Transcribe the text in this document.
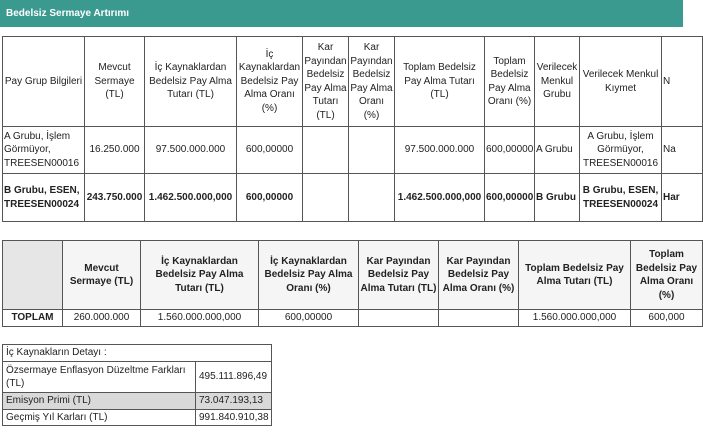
Bedelsiz Sermaye Artırımı
Pay Grup Bilgileri	Mevcut Sermaye (TL)	İç Kaynaklardan Bedelsiz Pay Alma Tutarı (TL)	İç Kaynaklardan Bedelsiz Pay Alma Oranı (%)	Kar Payından Bedelsiz Pay Alma Tutarı (TL)	Kar Payından Bedelsiz Pay Alma Oranı (%)	Toplam Bedelsiz Pay Alma Tutarı (TL)	Toplam Bedelsiz Pay Alma Oranı (%)	Verilecek Menkul Grubu	Verilecek Menkul Kıymet	N
A Grubu, İşlem Görmüyor, TREESEN00016	16.250.000	97.500.000.000	600,00000			97.500.000.000	600,00000	A Grubu	A Grubu, İşlem Görmüyor, TREESEN00016	Na
B Grubu, ESEN, TREESEN00024	243.750.000	1.462.500.000,000	600,00000			1.462.500.000,000	600,00000	B Grubu	B Grubu, ESEN, TREESEN00024	Har
	Mevcut Sermaye (TL)	İç Kaynaklardan Bedelsiz Pay Alma Tutarı (TL)	İç Kaynaklardan Bedelsiz Pay Alma Oranı (%)	Kar Payından Bedelsiz Pay Alma Tutarı (TL)	Kar Payından Bedelsiz Pay Alma Oranı (%)	Toplam Bedelsiz Pay Alma Tutarı (TL)	Toplam Bedelsiz Pay Alma Oranı (%)
TOPLAM	260.000.000	1.560.000.000,000	600,00000			1.560.000.000,000	600,000
İç Kaynakların Detayı :	
Özsermaye Enflasyon Düzeltme Farkları (TL)	495.111.896,49
Emisyon Primi (TL)	73.047.193,13
Geçmiş Yıl Karları (TL)	991.840.910,38
